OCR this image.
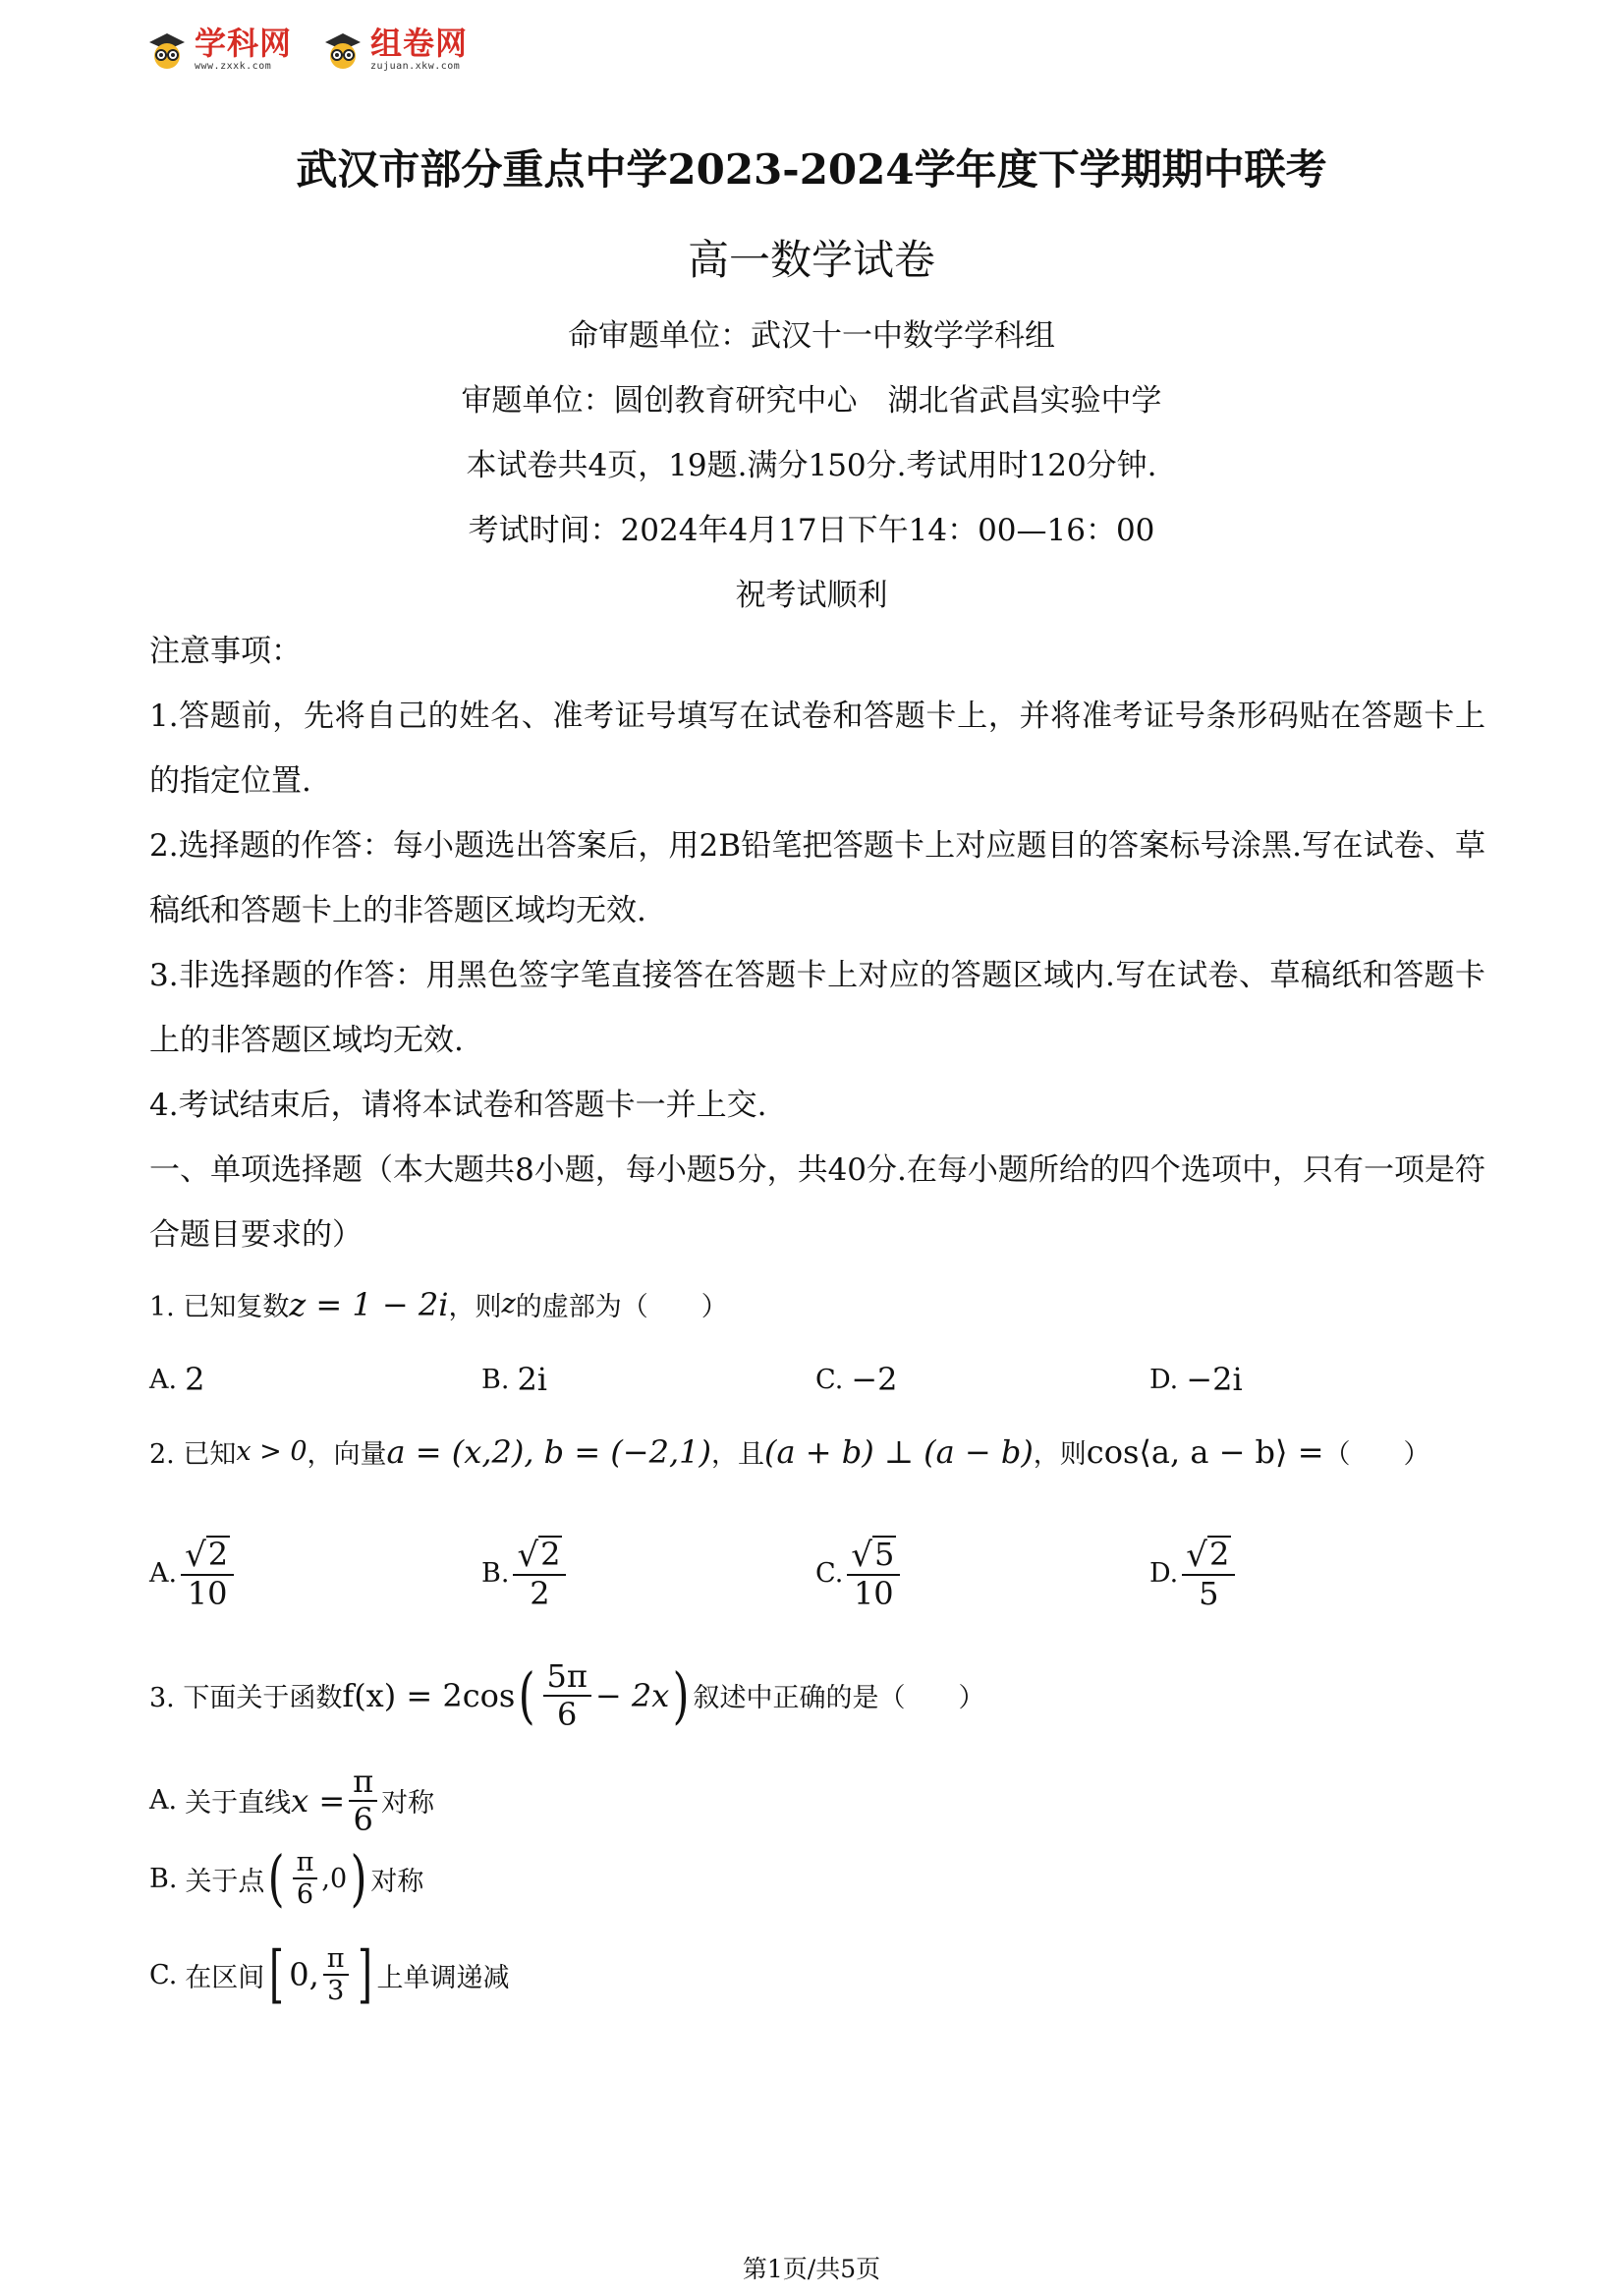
学科网
www.zxxk.com
组卷网
zujuan.xkw.com
武汉市部分重点中学2023-2024学年度下学期期中联考
高一数学试卷
命审题单位：武汉十一中数学学科组
审题单位：圆创教育研究中心　湖北省武昌实验中学
本试卷共4页，19题.满分150分.考试用时120分钟.
考试时间：2024年4月17日下午14：00—16：00
祝考试顺利
注意事项：
1.答题前，先将自己的姓名、准考证号填写在试卷和答题卡上，并将准考证号条形码贴在答题卡上的指定位置.
2.选择题的作答：每小题选出答案后，用2B铅笔把答题卡上对应题目的答案标号涂黑.写在试卷、草稿纸和答题卡上的非答题区域均无效.
3.非选择题的作答：用黑色签字笔直接答在答题卡上对应的答题区域内.写在试卷、草稿纸和答题卡上的非答题区域均无效.
4.考试结束后，请将本试卷和答题卡一并上交.
一、单项选择题（本大题共8小题，每小题5分，共40分.在每小题所给的四个选项中，只有一项是符合题目要求的）
1. 已知复数 z = 1 − 2i ，则 z 的虚部为（　　）
A. 2	B. 2i	C. −2	D. −2i
2. 已知 x > 0 ，向量 a = (x,2), b = (−2,1) ，且 (a + b) ⊥ (a − b) ，则 cos⟨a, a − b⟩ = （　　）
A. $\frac{√ 2}{10}$	B. $\frac{√ 2}{2}$	C. $\frac{√ 5}{10}$	D. $\frac{√ 2}{5}$
3. 下面关于函数 f(x) = 2cos ( $\frac{5\pi}{6} - 2x$ ) 叙述中正确的是（　　）
A. 关于直线 $x = \frac{\pi}{6}$ 对称
B. 关于点 ( $\frac{\pi}{6} ,0$ ) 对称
C. 在区间 [ 0, $\frac{\pi}{3}$ ] 上单调递减
第1页/共5页
